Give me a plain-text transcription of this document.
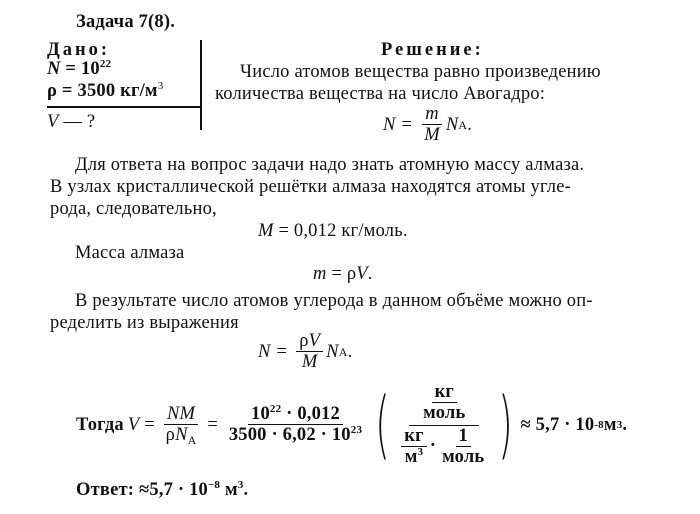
Задача 7(8).
Дано:
$N = 10^{22}$
ρ = 3500 $кг/м^3$
V — ?
Решение:
Число атомов вещества равно произведению
количества вещества на число Авогадро:
$N = \frac{m}{M}$ N A .
Для ответа на вопрос задачи надо знать атомную массу алмаза.
В узлах кристаллической решётки алмаза находятся атомы угле-
рода, следовательно,
M = 0,012 кг/моль.
Масса алмаза
m = ρV.
В результате число атомов углерода в данном объёме можно оп-
ределить из выражения
$N = \frac{\rho V}{M}$ N A .
Тогда $V = \frac{NM}{\rho N_A} = \frac{10^{22} \cdot 0,012}{3500 \cdot 6,02 \cdot 10^{23}}$ ( $\frac{\frac{кг}{\text{моль}}}{\frac{кг}{м^3} \cdot \frac{1}{\text{моль}}}$ ) ≈ 5,7 · 10 -8 м 3 .
Ответ: $\approx 5,7 \cdot 10^{-8}$ $м^3$.
